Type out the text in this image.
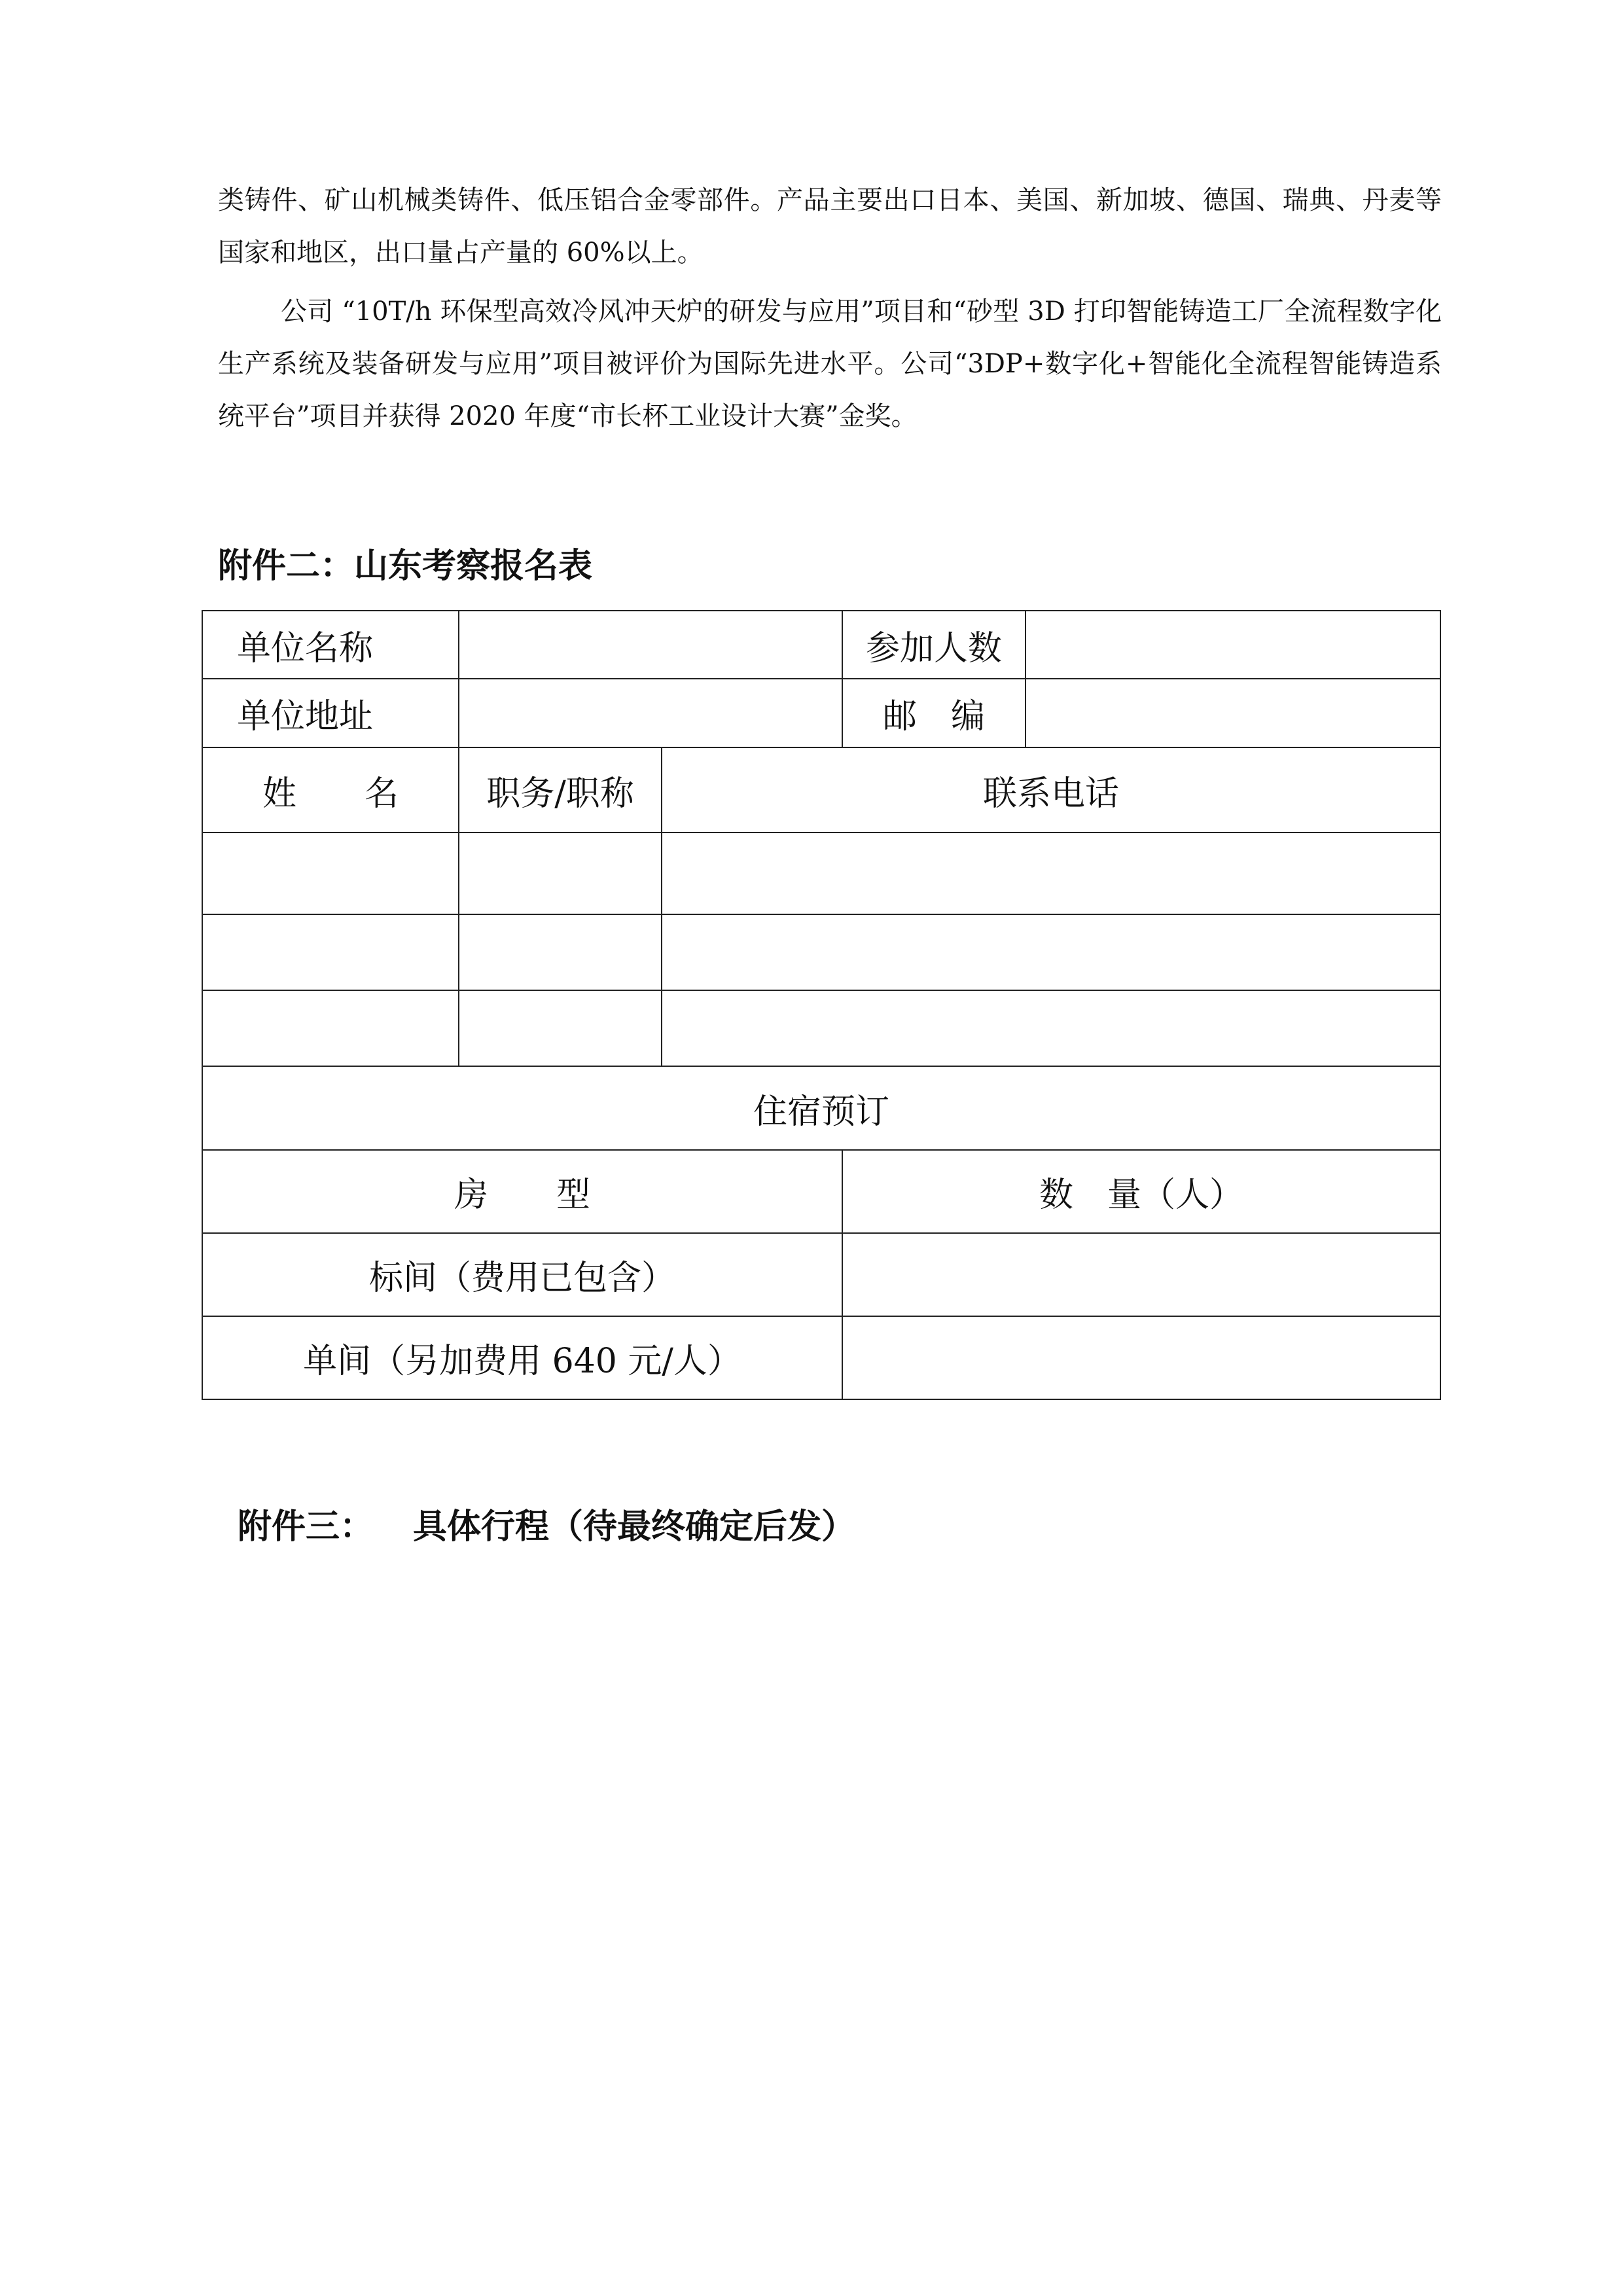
类铸件、矿山机械类铸件、低压铝合金零部件。产品主要出口日本、美国、新加坡、德国、瑞典、丹麦等国家和地区，出口量占产量的 60%以上。

公司 “10T/h 环保型高效冷风冲天炉的研发与应用”项目和“砂型 3D 打印智能铸造工厂全流程数字化生产系统及装备研发与应用”项目被评价为国际先进水平。公司“3DP+数字化+智能化全流程智能铸造系统平台”项目并获得 2020 年度“市长杯工业设计大赛”金奖。

附件二：山东考察报名表
单位名称			参加人数	
单位地址			邮　编	
姓　　名	职务/职称	联系电话		

住宿预订				
房　　型			数　量（人）	
标间（费用已包含）				
单间（另加费用 640 元/人）				
附件三： 具体行程（待最终确定后发）
